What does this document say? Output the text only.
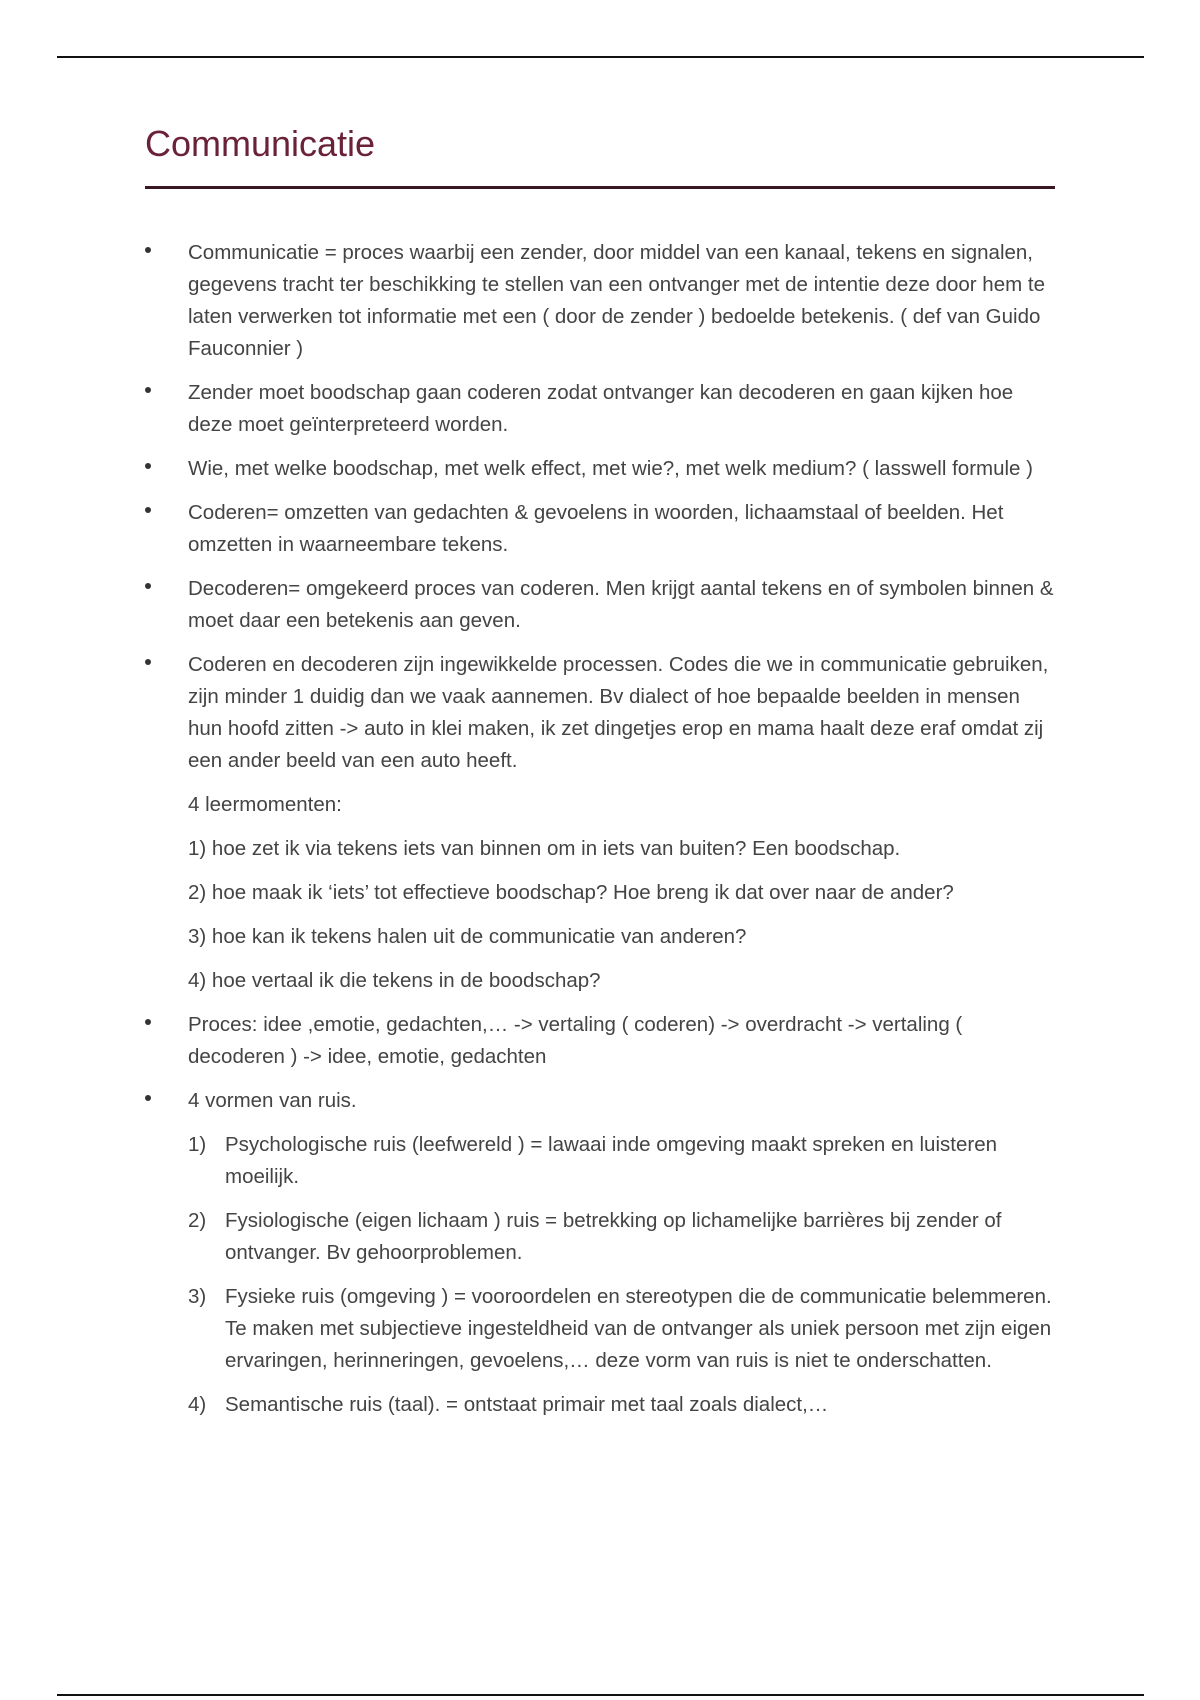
Communicatie
Communicatie = proces waarbij een zender, door middel van een kanaal, tekens en signalen, gegevens tracht ter beschikking te stellen van een ontvanger met de intentie deze door hem te laten verwerken tot informatie met een ( door de zender ) bedoelde betekenis. ( def van Guido Fauconnier )
Zender moet boodschap gaan coderen zodat ontvanger kan decoderen en gaan kijken hoe deze moet geïnterpreteerd worden.
Wie, met welke boodschap, met welk effect, met wie?, met welk medium? ( lasswell formule )
Coderen= omzetten van gedachten & gevoelens in woorden, lichaamstaal of beelden. Het omzetten in waarneembare tekens.
Decoderen= omgekeerd proces van coderen. Men krijgt aantal tekens en of symbolen binnen & moet daar een betekenis aan geven.
Coderen en decoderen zijn ingewikkelde processen. Codes die we in communicatie gebruiken, zijn minder 1 duidig dan we vaak aannemen. Bv dialect of hoe bepaalde beelden in mensen hun hoofd zitten -> auto in klei maken, ik zet dingetjes erop en mama haalt deze eraf omdat zij een ander beeld van een auto heeft.

4 leermomenten:

1) hoe zet ik via tekens iets van binnen om in iets van buiten? Een boodschap.

2) hoe maak ik ‘iets’ tot effectieve boodschap? Hoe breng ik dat over naar de ander?

3) hoe kan ik tekens halen uit de communicatie van anderen?

4) hoe vertaal ik die tekens in de boodschap?

Proces: idee ,emotie, gedachten,… -> vertaling ( coderen) -> overdracht -> vertaling ( decoderen ) -> idee, emotie, gedachten
4 vormen van ruis.
1) Psychologische ruis (leefwereld ) = lawaai inde omgeving maakt spreken en luisteren moeilijk.
2) Fysiologische (eigen lichaam ) ruis = betrekking op lichamelijke barrières bij zender of ontvanger. Bv gehoorproblemen.
3) Fysieke ruis (omgeving ) = vooroordelen en stereotypen die de communicatie belemmeren. Te maken met subjectieve ingesteldheid van de ontvanger als uniek persoon met zijn eigen ervaringen, herinneringen, gevoelens,… deze vorm van ruis is niet te onderschatten.
4) Semantische ruis (taal). = ontstaat primair met taal zoals dialect,…
